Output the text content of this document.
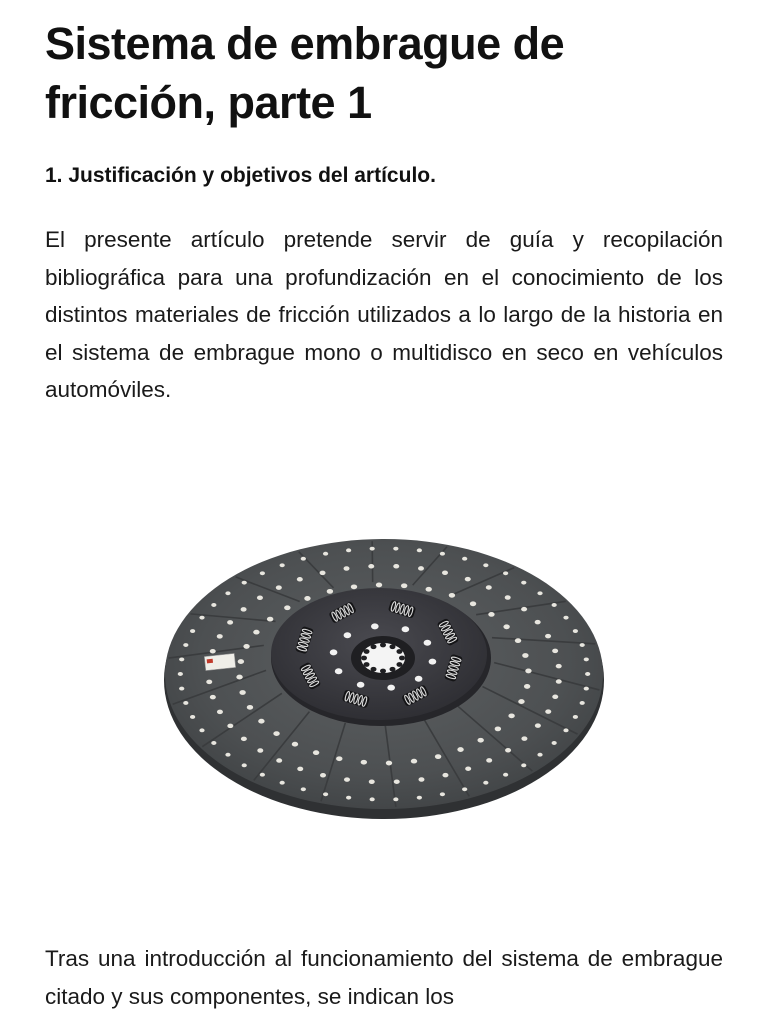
Sistema de embrague de fricción, parte 1
1. Justificación y objetivos del artículo.

El presente artículo pretende servir de guía y recopilación bibliográfica para una profundización en el conocimiento de los distintos materiales de fricción utilizados a lo largo de la historia en el sistema de embrague mono o multidisco en seco en vehículos automóviles.

Tras una introducción al funcionamiento del sistema de embrague citado y sus componentes, se indican los
